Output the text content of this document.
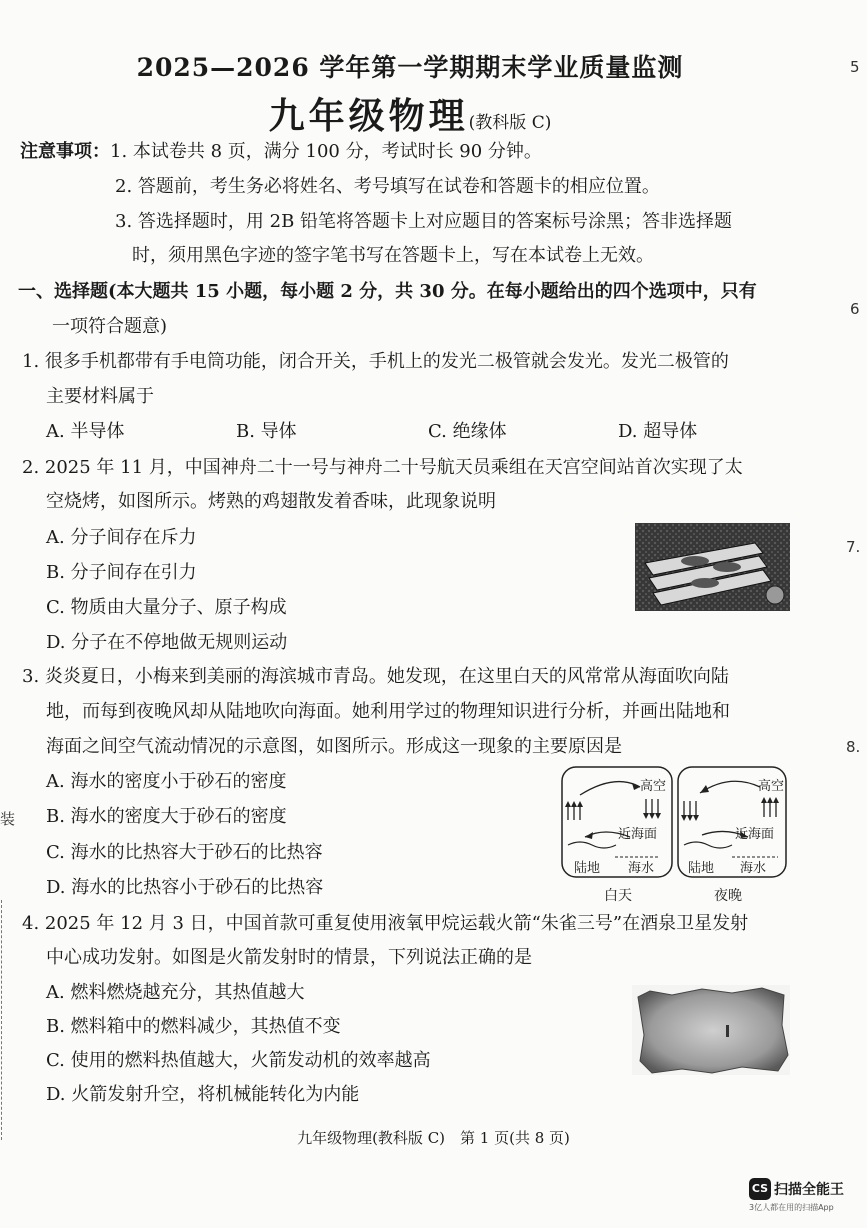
2025—2026 学年第一学期期末学业质量监测
九年级物理(教科版 C)
注意事项：1. 本试卷共 8 页，满分 100 分，考试时长 90 分钟。
2. 答题前，考生务必将姓名、考号填写在试卷和答题卡的相应位置。
3. 答选择题时，用 2B 铅笔将答题卡上对应题目的答案标号涂黑；答非选择题
时，须用黑色字迹的签字笔书写在答题卡上，写在本试卷上无效。
一、选择题(本大题共 15 小题，每小题 2 分，共 30 分。在每小题给出的四个选项中，只有
一项符合题意)
1. 很多手机都带有手电筒功能，闭合开关，手机上的发光二极管就会发光。发光二极管的
主要材料属于
A. 半导体	B. 导体	C. 绝缘体	D. 超导体
2. 2025 年 11 月，中国神舟二十一号与神舟二十号航天员乘组在天宫空间站首次实现了太
空烧烤，如图所示。烤熟的鸡翅散发着香味，此现象说明
A. 分子间存在斥力
B. 分子间存在引力
C. 物质由大量分子、原子构成
D. 分子在不停地做无规则运动
3. 炎炎夏日，小梅来到美丽的海滨城市青岛。她发现，在这里白天的风常常从海面吹向陆
地，而每到夜晚风却从陆地吹向海面。她利用学过的物理知识进行分析，并画出陆地和
海面之间空气流动情况的示意图，如图所示。形成这一现象的主要原因是
A. 海水的密度小于砂石的密度
B. 海水的密度大于砂石的密度
C. 海水的比热容大于砂石的比热容
D. 海水的比热容小于砂石的比热容
高空	高空
近海面	近海面
陆地 海水	陆地 海水
白天	夜晚
4. 2025 年 12 月 3 日，中国首款可重复使用液氧甲烷运载火箭“朱雀三号”在酒泉卫星发射
中心成功发射。如图是火箭发射时的情景，下列说法正确的是
A. 燃料燃烧越充分，其热值越大
B. 燃料箱中的燃料减少，其热值不变
C. 使用的燃料热值越大，火箭发动机的效率越高
D. 火箭发射升空，将机械能转化为内能
九年级物理(教科版 C)　第 1 页(共 8 页)
5
6
7.
8.
装
CS 扫描全能王
3亿人都在用的扫描App
